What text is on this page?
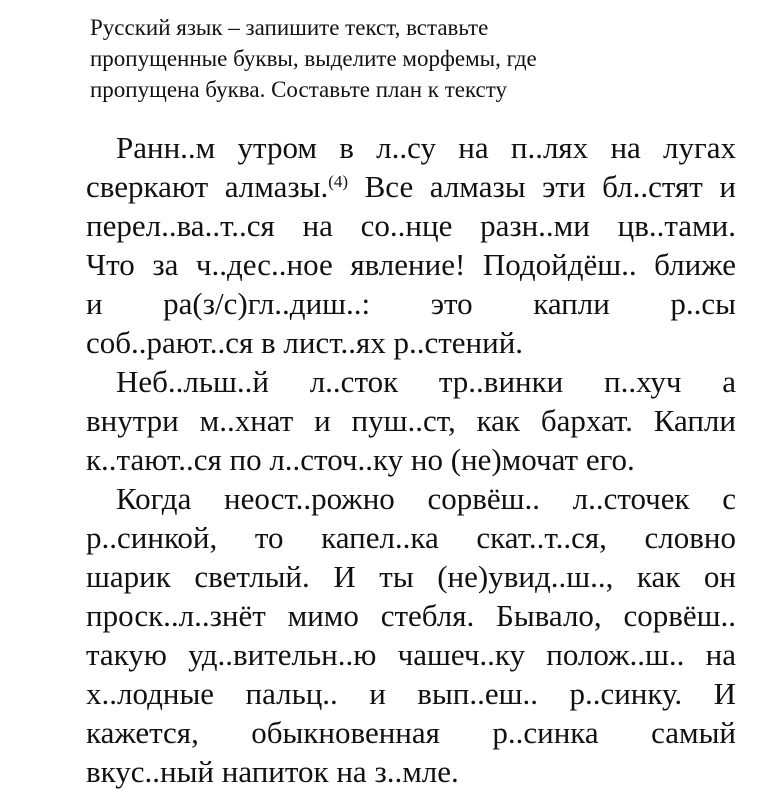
Русский язык – запишите текст, вставьте
пропущенные буквы, выделите морфемы, где
пропущена буква. Составьте план к тексту
Ранн..м утром в л..су на п..лях на лугах
сверкают алмазы.$^{(4)}$ Все алмазы эти бл..стят и
перел..ва..т..ся на со..нце разн..ми цв..тами.
Что за ч..дес..ное явление! Подойдёш.. ближе
и ра(з/с)гл..диш..: это капли р..сы
соб..рают..ся в лист..ях р..стений.
Неб..льш..й л..сток тр..винки п..хуч а
внутри м..хнат и пуш..ст, как бархат. Капли
к..тают..ся по л..сточ..ку но (не)мочат его.
Когда неост..рожно сорвёш.. л..сточек с
р..синкой, то капел..ка скат..т..ся, словно
шарик светлый. И ты (не)увид..ш.., как он
проск..л..знёт мимо стебля. Бывало, сорвёш..
такую уд..вительн..ю чашеч..ку полож..ш.. на
х..лодные пальц.. и вып..еш.. р..синку. И
кажется, обыкновенная р..синка самый
вкус..ный напиток на з..мле.
